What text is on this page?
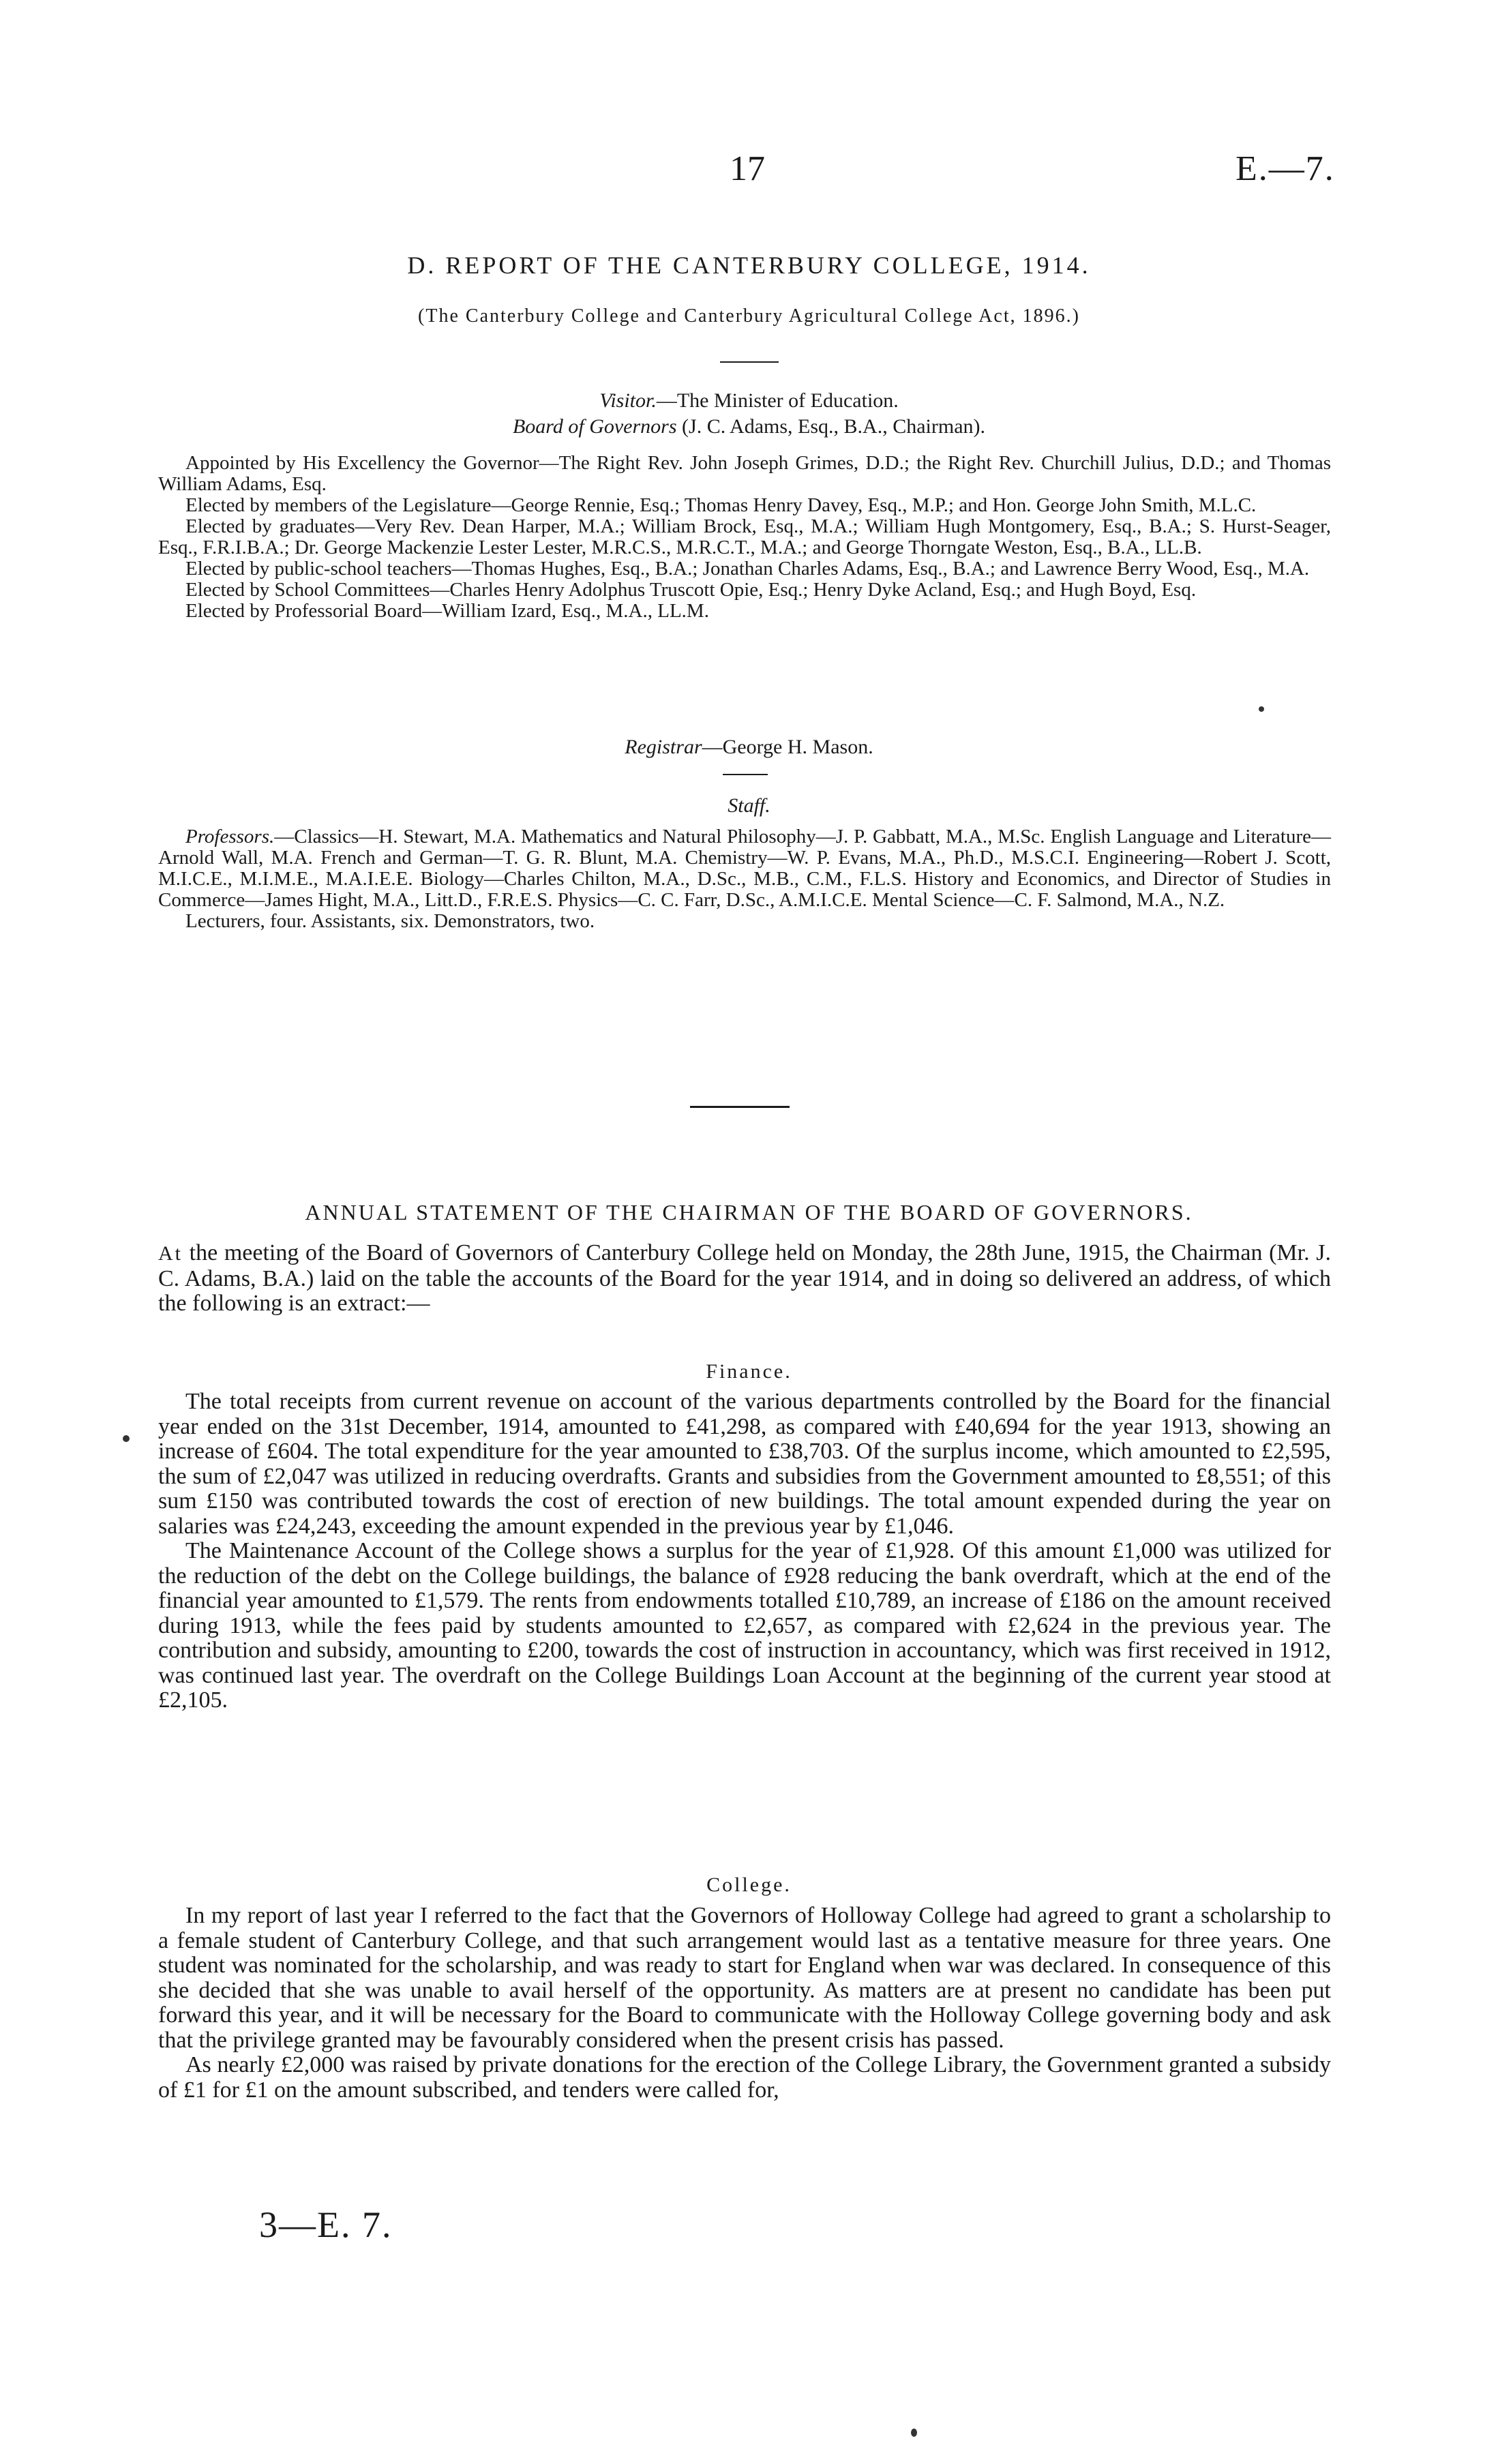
17	E.—7.
D. REPORT OF THE CANTERBURY COLLEGE, 1914.
(The Canterbury College and Canterbury Agricultural College Act, 1896.)
Visitor.—The Minister of Education.
Board of Governors (J. C. Adams, Esq., B.A., Chairman).

Appointed by His Excellency the Governor—The Right Rev. John Joseph Grimes, D.D.; the Right Rev. Churchill Julius, D.D.; and Thomas William Adams, Esq.

Elected by members of the Legislature—George Rennie, Esq.; Thomas Henry Davey, Esq., M.P.; and Hon. George John Smith, M.L.C.

Elected by graduates—Very Rev. Dean Harper, M.A.; William Brock, Esq., M.A.; William Hugh Montgomery, Esq., B.A.; S. Hurst-Seager, Esq., F.R.I.B.A.; Dr. George Mackenzie Lester Lester, M.R.C.S., M.R.C.T., M.A.; and George Thorngate Weston, Esq., B.A., LL.B.

Elected by public-school teachers—Thomas Hughes, Esq., B.A.; Jonathan Charles Adams, Esq., B.A.; and Lawrence Berry Wood, Esq., M.A.

Elected by School Committees—Charles Henry Adolphus Truscott Opie, Esq.; Henry Dyke Acland, Esq.; and Hugh Boyd, Esq.

Elected by Professorial Board—William Izard, Esq., M.A., LL.M.

Registrar—George H. Mason.
Staff.

Professors.—Classics—H. Stewart, M.A. Mathematics and Natural Philosophy—J. P. Gabbatt, M.A., M.Sc. English Language and Literature—Arnold Wall, M.A. French and German—T. G. R. Blunt, M.A. Chemistry—W. P. Evans, M.A., Ph.D., M.S.C.I. Engineering—Robert J. Scott, M.I.C.E., M.I.M.E., M.A.I.E.E. Biology—Charles Chilton, M.A., D.Sc., M.B., C.M., F.L.S. History and Economics, and Director of Studies in Commerce—James Hight, M.A., Litt.D., F.R.E.S. Physics—C. C. Farr, D.Sc., A.M.I.C.E. Mental Science—C. F. Salmond, M.A., N.Z.

Lecturers, four. Assistants, six. Demonstrators, two.

ANNUAL STATEMENT OF THE CHAIRMAN OF THE BOARD OF GOVERNORS.

At the meeting of the Board of Governors of Canterbury College held on Monday, the 28th June, 1915, the Chairman (Mr. J. C. Adams, B.A.) laid on the table the accounts of the Board for the year 1914, and in doing so delivered an address, of which the following is an extract:—

Finance.

The total receipts from current revenue on account of the various departments controlled by the Board for the financial year ended on the 31st December, 1914, amounted to £41,298, as compared with £40,694 for the year 1913, showing an increase of £604. The total expenditure for the year amounted to £38,703. Of the surplus income, which amounted to £2,595, the sum of £2,047 was utilized in reducing overdrafts. Grants and subsidies from the Government amounted to £8,551; of this sum £150 was contributed towards the cost of erection of new buildings. The total amount expended during the year on salaries was £24,243, exceeding the amount expended in the previous year by £1,046.

The Maintenance Account of the College shows a surplus for the year of £1,928. Of this amount £1,000 was utilized for the reduction of the debt on the College buildings, the balance of £928 reducing the bank overdraft, which at the end of the financial year amounted to £1,579. The rents from endowments totalled £10,789, an increase of £186 on the amount received during 1913, while the fees paid by students amounted to £2,657, as compared with £2,624 in the previous year. The contribution and subsidy, amounting to £200, towards the cost of instruction in accountancy, which was first received in 1912, was continued last year. The overdraft on the College Buildings Loan Account at the beginning of the current year stood at £2,105.

College.

In my report of last year I referred to the fact that the Governors of Holloway College had agreed to grant a scholarship to a female student of Canterbury College, and that such arrangement would last as a tentative measure for three years. One student was nominated for the scholarship, and was ready to start for England when war was declared. In consequence of this she decided that she was unable to avail herself of the opportunity. As matters are at present no candidate has been put forward this year, and it will be necessary for the Board to communicate with the Holloway College governing body and ask that the privilege granted may be favourably considered when the present crisis has passed.

As nearly £2,000 was raised by private donations for the erection of the College Library, the Government granted a subsidy of £1 for £1 on the amount subscribed, and tenders were called for,

3—E. 7.
